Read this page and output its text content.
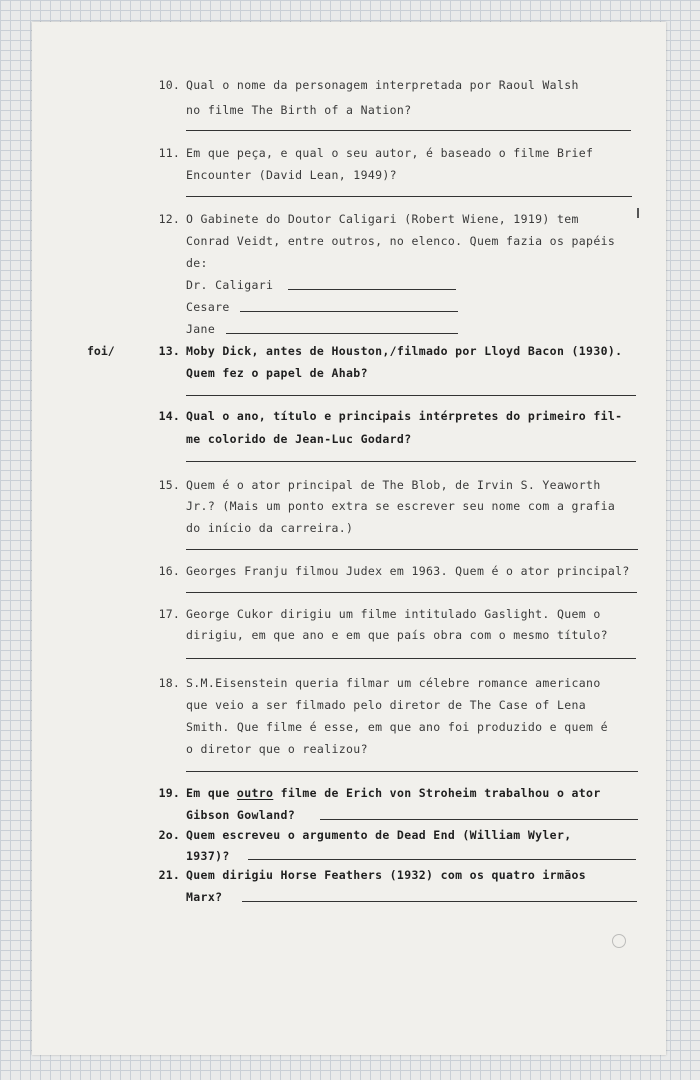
10. Qual o nome da personagem interpretada por Raoul Walsh
no filme The Birth of a Nation?
11. Em que peça, e qual o seu autor, é baseado o filme Brief
Encounter (David Lean, 1949)?
12. O Gabinete do Doutor Caligari (Robert Wiene, 1919) tem
Conrad Veidt, entre outros, no elenco. Quem fazia os papéis
de:
Dr. Caligari
Cesare
Jane
foi/	13. Moby Dick, antes de Houston,/filmado por Lloyd Bacon (1930).
Quem fez o papel de Ahab?
14. Qual o ano, título e principais intérpretes do primeiro fil-
me colorido de Jean-Luc Godard?
15. Quem é o ator principal de The Blob, de Irvin S. Yeaworth
Jr.? (Mais um ponto extra se escrever seu nome com a grafia
do início da carreira.)
16. Georges Franju filmou Judex em 1963. Quem é o ator principal?
17. George Cukor dirigiu um filme intitulado Gaslight. Quem o
dirigiu, em que ano e em que país obra com o mesmo título?
18. S.M.Eisenstein queria filmar um célebre romance americano
que veio a ser filmado pelo diretor de The Case of Lena
Smith. Que filme é esse, em que ano foi produzido e quem é
o diretor que o realizou?
19. Em que outro filme de Erich von Stroheim trabalhou o ator
Gibson Gowland?
2o. Quem escreveu o argumento de Dead End (William Wyler,
1937)?
21. Quem dirigiu Horse Feathers (1932) com os quatro irmãos
Marx?
